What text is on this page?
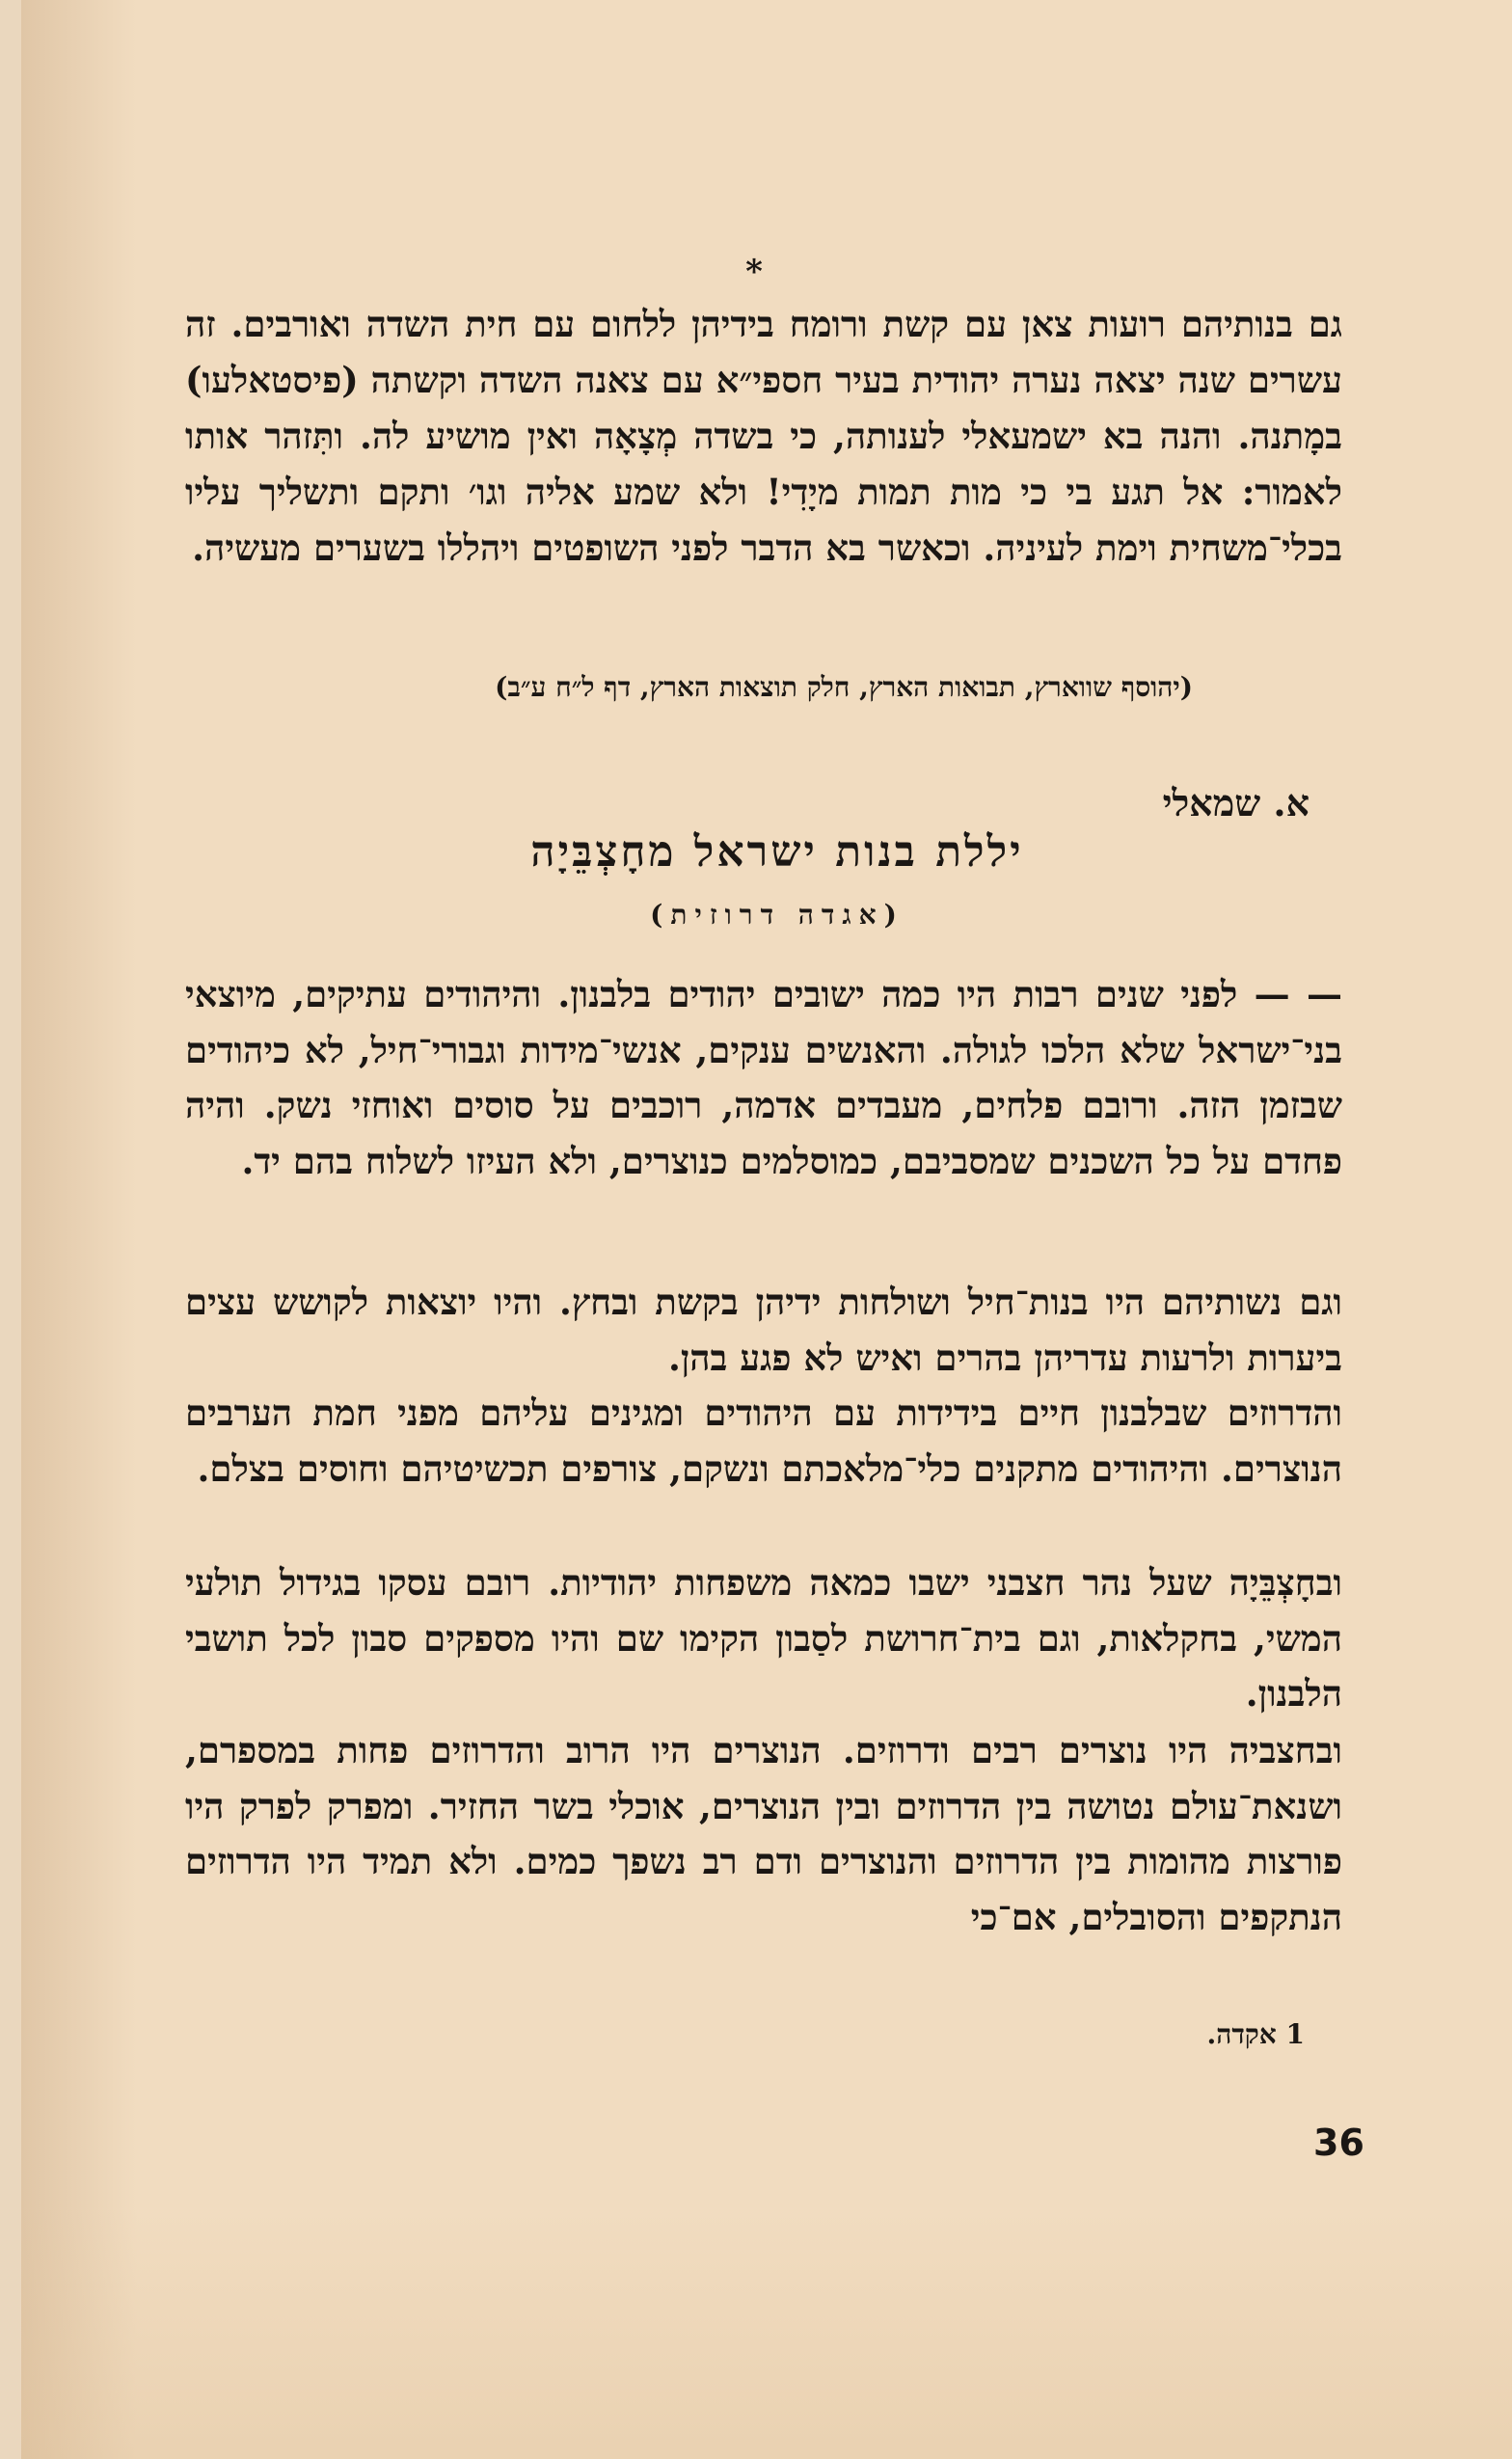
*

גם בנותיהם רועות צאן עם קשת ורומח בידיהן ללחום עם חית השדה ואורבים. זה עשרים שנה יצאה נערה יהודית בעיר חספי״א עם צאנה השדה וקשתה (פיסטאלעו) במָתנה. והנה בא ישמעאלי לענותה, כי בשדה מְצָאָה ואין מושיע לה. ותִּזהר אותו לאמור: אל תגע בי כי מות תמות מיָדִי! ולא שמע אליה וגו׳ ותקם ותשליך עליו בכלי־משחית וימת לעיניה. וכאשר בא הדבר לפני השופטים ויהללו בשערים מעשיה.

(יהוסף שווארץ, תבואות הארץ, חלק תוצאות הארץ, דף ל״ח ע״ב)
א. שמאלי
יללת בנות ישראל מחָצְבֵּיָה
(אגדה דרוזית)

— — לפני שנים רבות היו כמה ישובים יהודים בלבנון. והיהודים עתיקים, מיוצאי בני־ישראל שלא הלכו לגולה. והאנשים ענקים, אנשי־מידות וגבורי־חיל, לא כיהודים שבזמן הזה. ורובם פלחים, מעבדים אדמה, רוכבים על סוסים ואוחזי נשק. והיה פחדם על כל השכנים שמסביבם, כמוסלמים כנוצרים, ולא העיזו לשלוח בהם יד.

וגם נשותיהם היו בנות־חיל ושולחות ידיהן בקשת ובחץ. והיו יוצאות לקושש עצים ביערות ולרעות עדריהן בהרים ואיש לא פגע בהן.

והדרוזים שבלבנון חיים בידידות עם היהודים ומגינים עליהם מפני חמת הערבים הנוצרים. והיהודים מתקנים כלי־מלאכתם ונשקם, צורפים תכשיטיהם וחוסים בצלם.

ובחָצְבֵּיָה שעל נהר חצבני ישבו כמאה משפחות יהודיות. רובם עסקו בגידול תולעי המשי, בחקלאות, וגם בית־חרושת לסַבון הקימו שם והיו מספקים סבון לכל תושבי הלבנון.

ובחצביה היו נוצרים רבים ודרוזים. הנוצרים היו הרוב והדרוזים פחות במספרם, ושנאת־עולם נטושה בין הדרוזים ובין הנוצרים, אוכלי בשר החזיר. ומפרק לפרק היו פורצות מהומות בין הדרוזים והנוצרים ודם רב נשפך כמים. ולא תמיד היו הדרוזים הנתקפים והסובלים, אם־כי

1 אקדה.
36
